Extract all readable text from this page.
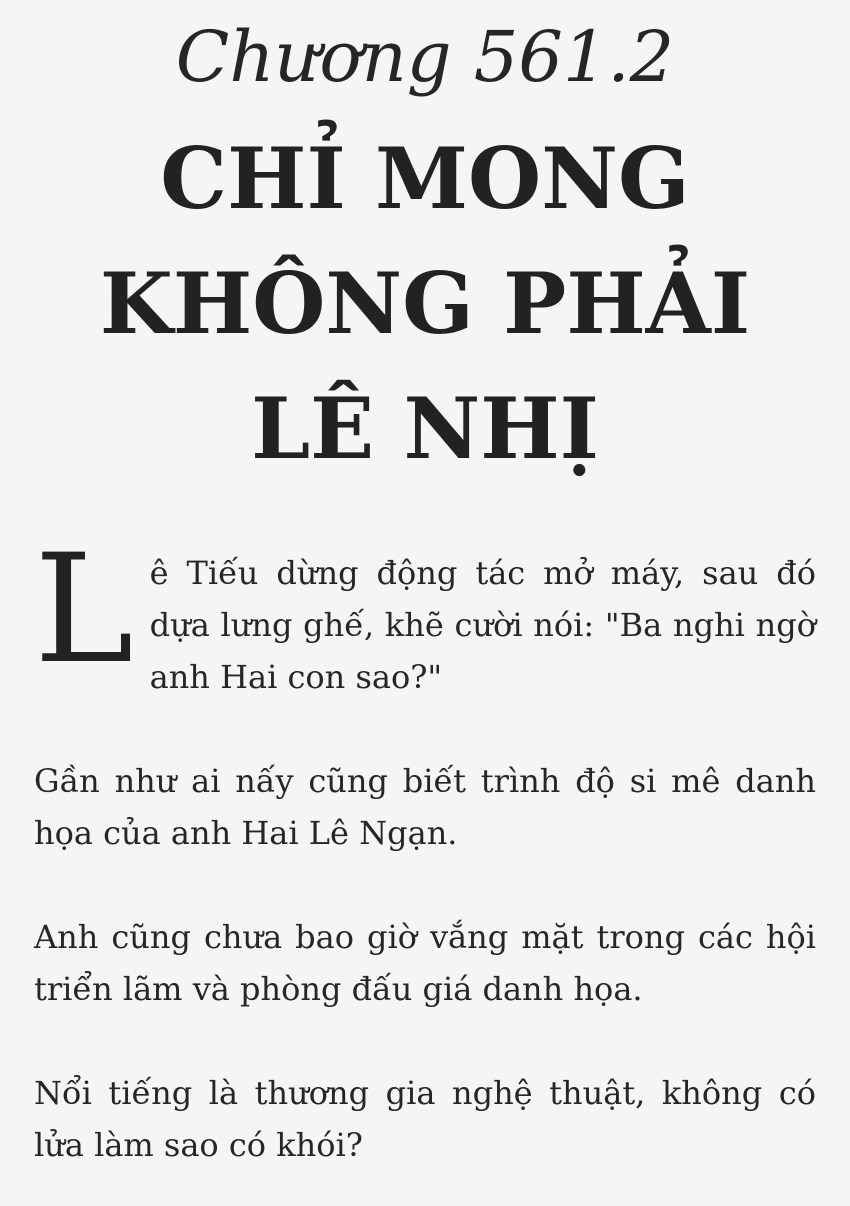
Chương 561.2
CHỈ MONG KHÔNG PHẢI LÊ NHỊ

Lê Tiếu dừng động tác mở máy, sau đó dựa lưng ghế, khẽ cười nói: "Ba nghi ngờ anh Hai con sao?"

Gần như ai nấy cũng biết trình độ si mê danh họa của anh Hai Lê Ngạn.

Anh cũng chưa bao giờ vắng mặt trong các hội triển lãm và phòng đấu giá danh họa.

Nổi tiếng là thương gia nghệ thuật, không có lửa làm sao có khói?
